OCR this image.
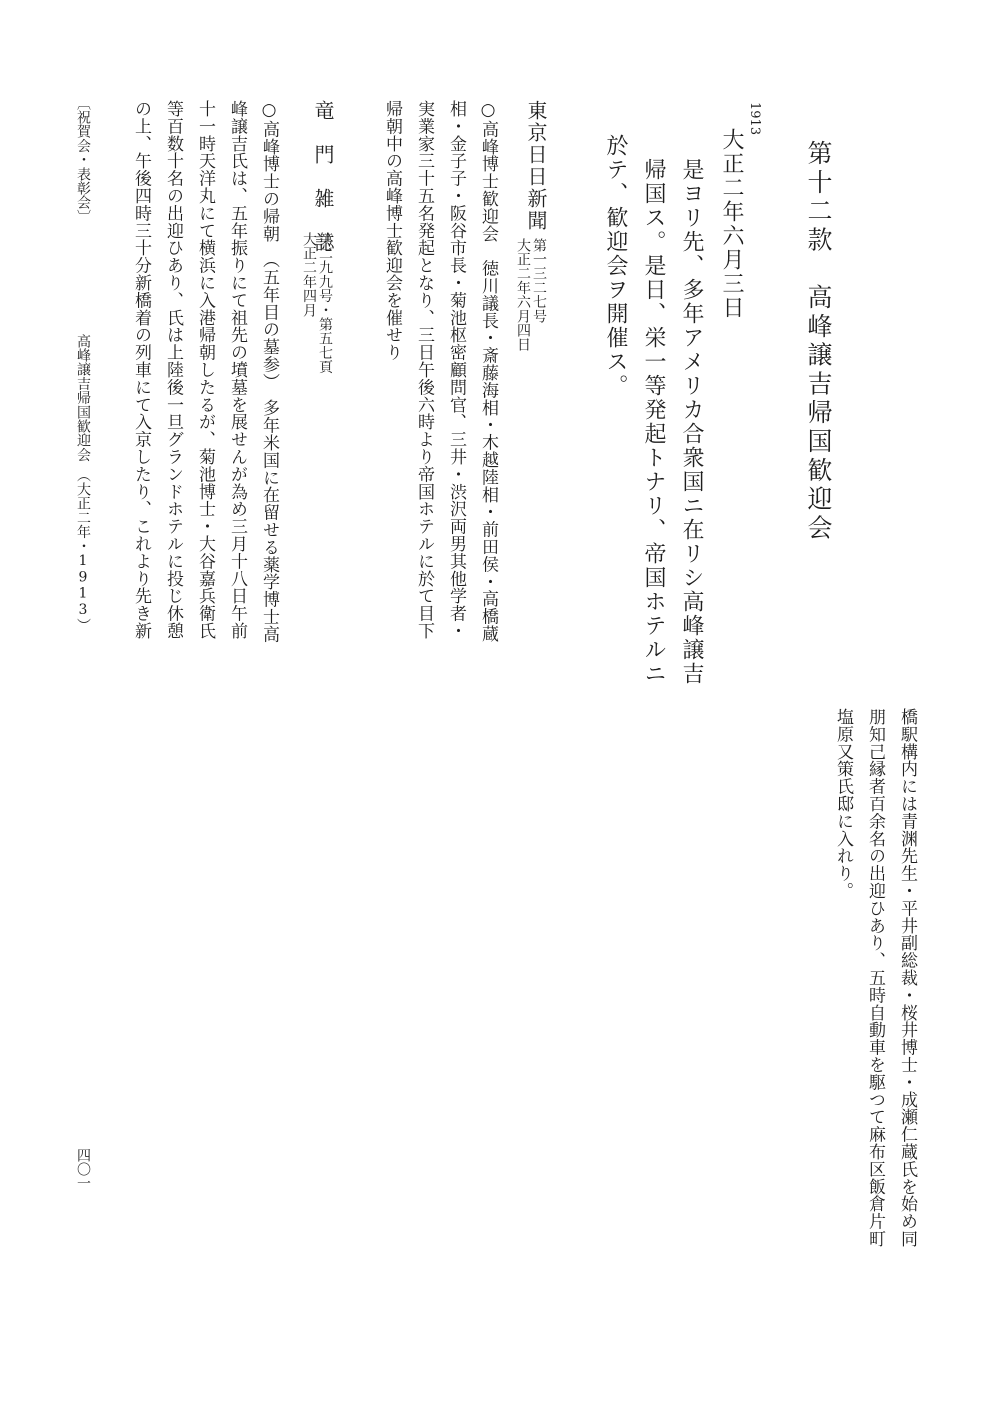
第十二款　高峰譲吉帰国歓迎会
1913
大正二年六月三日
是ヨリ先、多年アメリカ合衆国ニ在リシ高峰譲吉
帰国ス。是日、栄一等発起トナリ、帝国ホテルニ
於テ、歓迎会ヲ開催ス。
東京日日新聞
第一三二七号
大正二年六月四日
○高峰博士歓迎会　徳川議長・斎藤海相・木越陸相・前田侯・高橋蔵
相・金子子・阪谷市長・菊池枢密顧問官、三井・渋沢両男其他学者・
実業家三十五名発起となり、三日午後六時より帝国ホテルに於て目下
帰朝中の高峰博士歓迎会を催せり
竜　門　雑　誌
第二九九号・第五七頁
大正二年四月
○高峰博士の帰朝　（五年目の墓参）　多年米国に在留せる薬学博士高
峰譲吉氏は、五年振りにて祖先の墳墓を展せんが為め三月十八日午前
十一時天洋丸にて横浜に入港帰朝したるが、菊池博士・大谷嘉兵衛氏
等百数十名の出迎ひあり、氏は上陸後一旦グランドホテルに投じ休憩
の上、午後四時三十分新橋着の列車にて入京したり、これより先き新
橋駅構内には青渊先生・平井副総裁・桜井博士・成瀬仁蔵氏を始め同
朋知己縁者百余名の出迎ひあり、五時自動車を駆つて麻布区飯倉片町
塩原又策氏邸に入れり。
〔祝賀会・表彰会〕
高峰譲吉帰国歓迎会
（大正二年・1913）
四〇一
